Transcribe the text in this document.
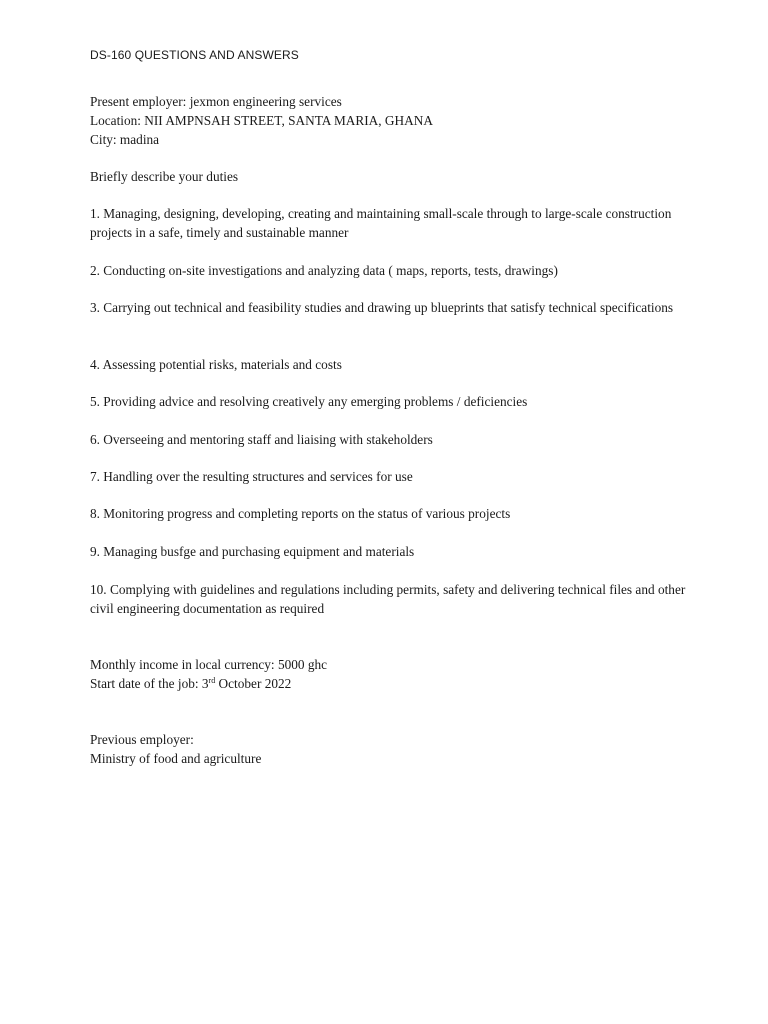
DS-160 QUESTIONS AND ANSWERS
Present employer: jexmon engineering services
Location: NII AMPNSAH STREET, SANTA MARIA, GHANA
City: madina
Briefly describe your duties
1. Managing, designing, developing, creating and maintaining small-scale through to large-scale construction projects in a safe, timely and sustainable manner
2. Conducting on-site investigations and analyzing data ( maps, reports, tests, drawings)
3. Carrying out technical and feasibility studies and drawing up blueprints that satisfy technical specifications
4. Assessing potential risks, materials and costs
5. Providing advice and resolving creatively any emerging problems / deficiencies
6. Overseeing and mentoring staff and liaising with stakeholders
7. Handling over the resulting structures and services for use
8. Monitoring progress and completing reports on the status of various projects
9. Managing busfge and purchasing equipment and materials
10. Complying with guidelines and regulations including permits, safety and delivering technical files and other civil engineering documentation as required
Monthly income in local currency: 5000 ghc
Start date of the job: 3rd October 2022
Previous employer:
Ministry of food and agriculture
